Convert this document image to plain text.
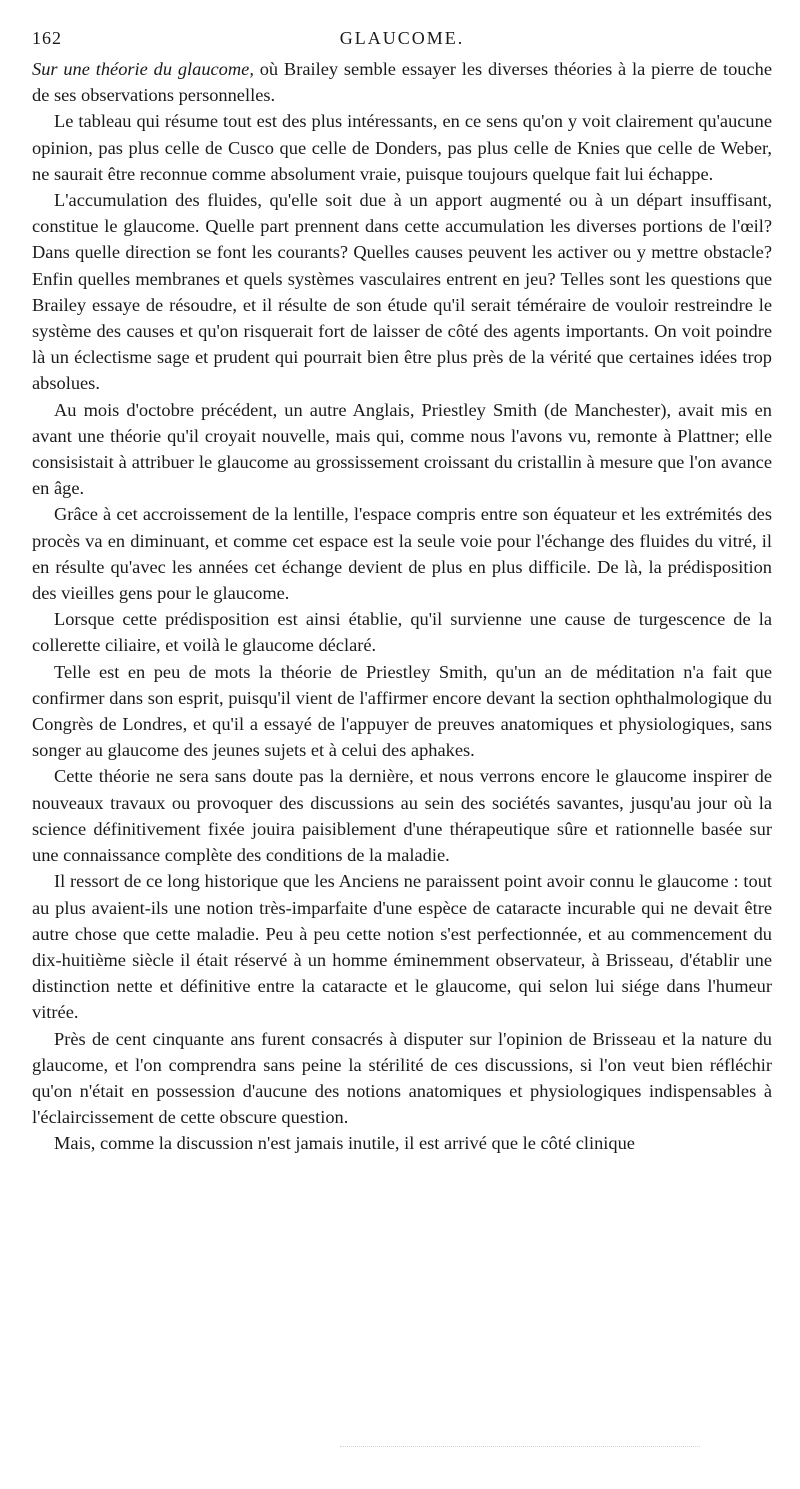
162	GLAUCOME.

Sur une théorie du glaucome, où Brailey semble essayer les diverses théories à la pierre de touche de ses observations personnelles.

Le tableau qui résume tout est des plus intéressants, en ce sens qu'on y voit clairement qu'aucune opinion, pas plus celle de Cusco que celle de Donders, pas plus celle de Knies que celle de Weber, ne saurait être reconnue comme absolument vraie, puisque toujours quelque fait lui échappe.

L'accumulation des fluides, qu'elle soit due à un apport augmenté ou à un départ insuffisant, constitue le glaucome. Quelle part prennent dans cette accumulation les diverses portions de l'œil? Dans quelle direction se font les courants? Quelles causes peuvent les activer ou y mettre obstacle? Enfin quelles membranes et quels systèmes vasculaires entrent en jeu? Telles sont les questions que Brailey essaye de résoudre, et il résulte de son étude qu'il serait téméraire de vouloir restreindre le système des causes et qu'on risquerait fort de laisser de côté des agents importants. On voit poindre là un éclectisme sage et prudent qui pourrait bien être plus près de la vérité que certaines idées trop absolues.

Au mois d'octobre précédent, un autre Anglais, Priestley Smith (de Manchester), avait mis en avant une théorie qu'il croyait nouvelle, mais qui, comme nous l'avons vu, remonte à Plattner; elle consisistait à attribuer le glaucome au grossissement croissant du cristallin à mesure que l'on avance en âge.

Grâce à cet accroissement de la lentille, l'espace compris entre son équateur et les extrémités des procès va en diminuant, et comme cet espace est la seule voie pour l'échange des fluides du vitré, il en résulte qu'avec les années cet échange devient de plus en plus difficile. De là, la prédisposition des vieilles gens pour le glaucome.

Lorsque cette prédisposition est ainsi établie, qu'il survienne une cause de turgescence de la collerette ciliaire, et voilà le glaucome déclaré.

Telle est en peu de mots la théorie de Priestley Smith, qu'un an de méditation n'a fait que confirmer dans son esprit, puisqu'il vient de l'affirmer encore devant la section ophthalmologique du Congrès de Londres, et qu'il a essayé de l'appuyer de preuves anatomiques et physiologiques, sans songer au glaucome des jeunes sujets et à celui des aphakes.

Cette théorie ne sera sans doute pas la dernière, et nous verrons encore le glaucome inspirer de nouveaux travaux ou provoquer des discussions au sein des sociétés savantes, jusqu'au jour où la science définitivement fixée jouira paisiblement d'une thérapeutique sûre et rationnelle basée sur une connaissance complète des conditions de la maladie.

Il ressort de ce long historique que les Anciens ne paraissent point avoir connu le glaucome : tout au plus avaient-ils une notion très-imparfaite d'une espèce de cataracte incurable qui ne devait être autre chose que cette maladie. Peu à peu cette notion s'est perfectionnée, et au commencement du dix-huitième siècle il était réservé à un homme éminemment observateur, à Brisseau, d'établir une distinction nette et définitive entre la cataracte et le glaucome, qui selon lui siége dans l'humeur vitrée.

Près de cent cinquante ans furent consacrés à disputer sur l'opinion de Brisseau et la nature du glaucome, et l'on comprendra sans peine la stérilité de ces discussions, si l'on veut bien réfléchir qu'on n'était en possession d'aucune des notions anatomiques et physiologiques indispensables à l'éclaircissement de cette obscure question.

Mais, comme la discussion n'est jamais inutile, il est arrivé que le côté clinique
